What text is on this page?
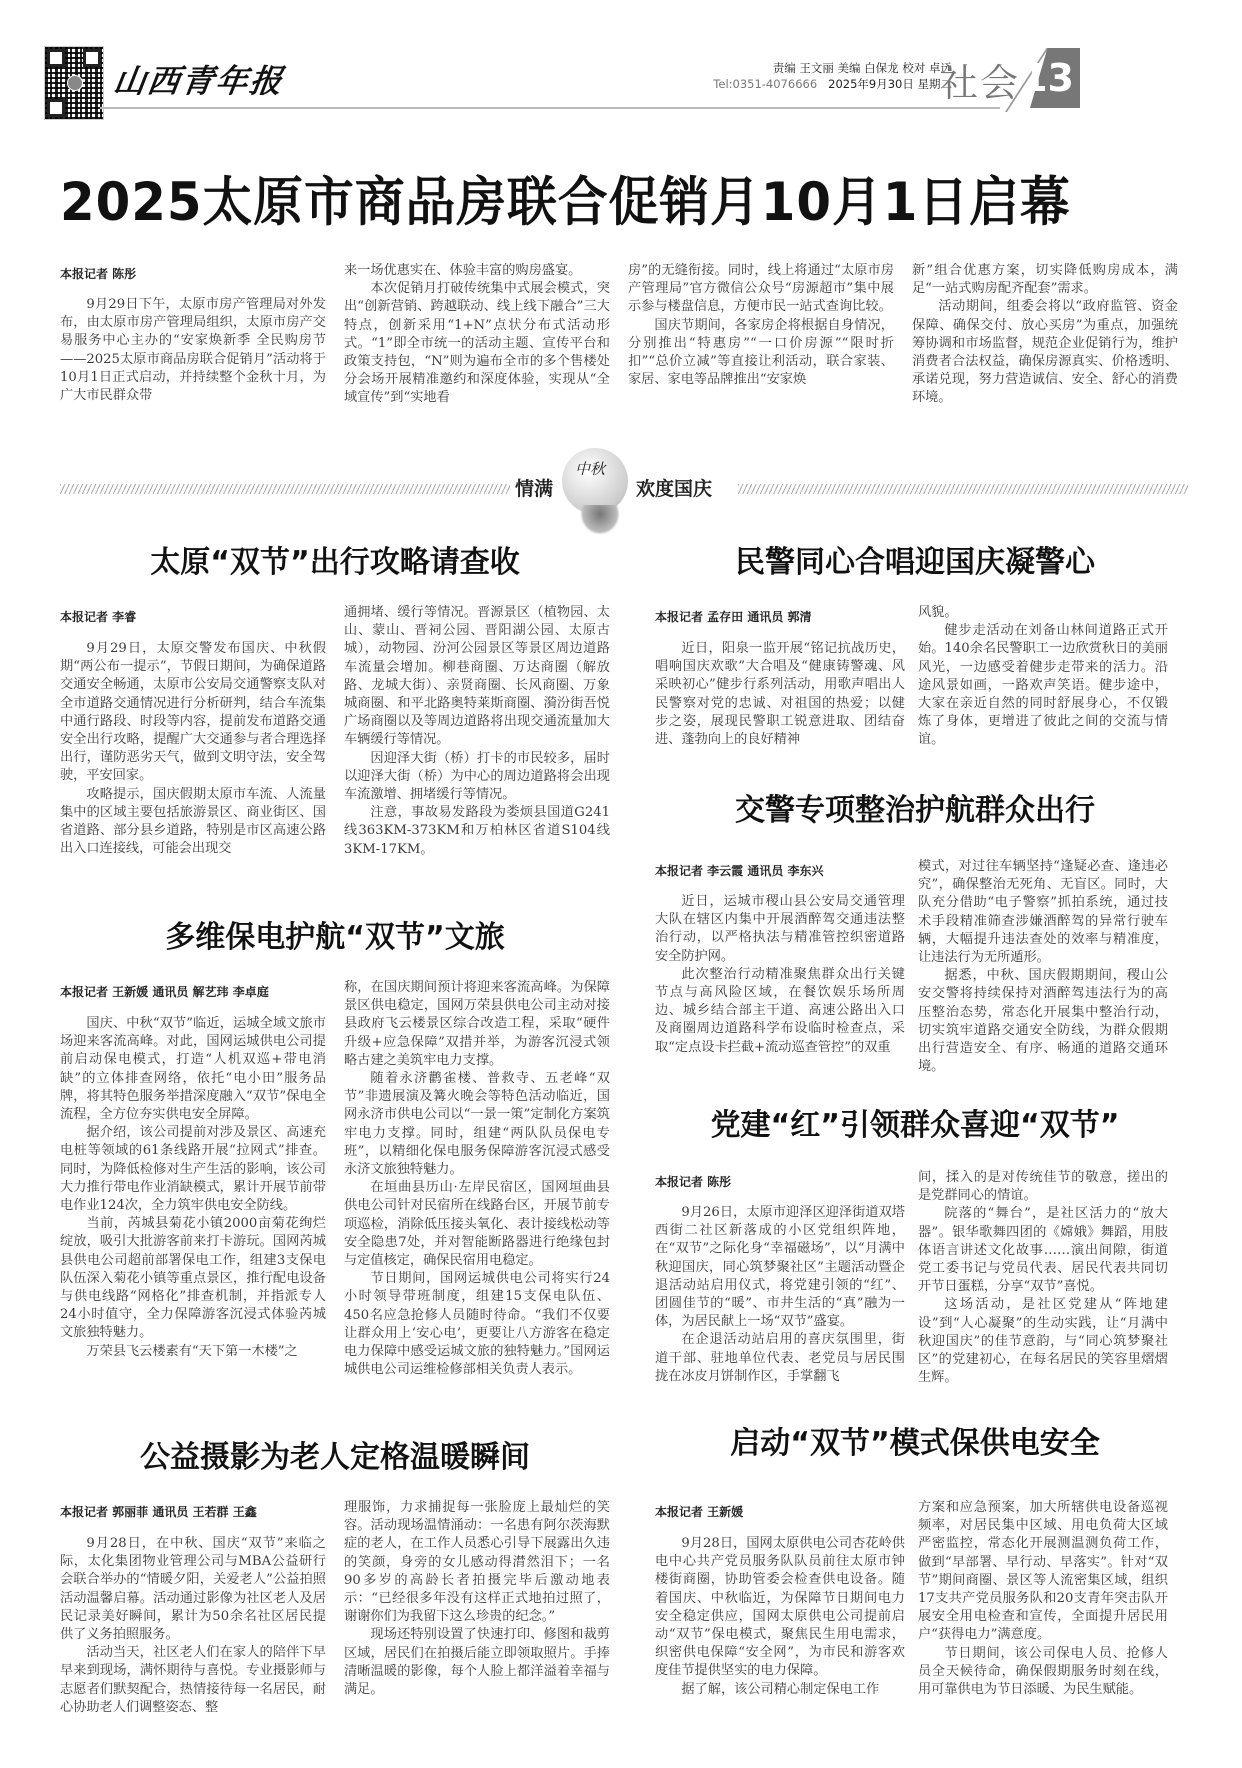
山西青年报	责编 王文丽 美编 白保龙 校对 卓远
Tel:0351-4076666 2025年9月30日 星期二
社会 13
2025太原市商品房联合促销月10月1日启幕
本报记者 陈彤

9月29日下午，太原市房产管理局对外发布，由太原市房产管理局组织，太原市房产交易服务中心主办的“安家焕新季 全民购房节——2025太原市商品房联合促销月”活动将于10月1日正式启动，并持续整个金秋十月，为广大市民群众带

来一场优惠实在、体验丰富的购房盛宴。

本次促销月打破传统集中式展会模式，突出“创新营销、跨越联动、线上线下融合”三大特点，创新采用“1+N”点状分布式活动形式。“1”即全市统一的活动主题、宣传平台和政策支持包，“N”则为遍布全市的多个售楼处分会场开展精准邀约和深度体验，实现从“全域宣传”到“实地看

房”的无缝衔接。同时，线上将通过“太原市房产管理局”官方微信公众号“房源超市”集中展示参与楼盘信息，方便市民一站式查询比较。

国庆节期间，各家房企将根据自身情况，分别推出“特惠房”“一口价房源”“限时折扣”“总价立减”等直接让利活动，联合家装、家居、家电等品牌推出“安家焕

新”组合优惠方案，切实降低购房成本，满足“一站式购房配齐配套”需求。

活动期间，组委会将以“政府监管、资金保障、确保交付、放心买房”为重点，加强统筹协调和市场监督，规范企业促销行为，维护消费者合法权益，确保房源真实、价格透明、承诺兑现，努力营造诚信、安全、舒心的消费环境。

情满
中秋
欢度国庆
太原“双节”出行攻略请查收
本报记者 李睿

9月29日，太原交警发布国庆、中秋假期“两公布一提示”，节假日期间，为确保道路交通安全畅通，太原市公安局交通警察支队对全市道路交通情况进行分析研判，结合车流集中通行路段、时段等内容，提前发布道路交通安全出行攻略，提醒广大交通参与者合理选择出行，谨防恶劣天气，做到文明守法，安全驾驶，平安回家。

攻略提示，国庆假期太原市车流、人流量集中的区域主要包括旅游景区、商业街区、国省道路、部分县乡道路，特别是市区高速公路出入口连接线，可能会出现交

通拥堵、缓行等情况。晋源景区（植物园、太山、蒙山、晋祠公园、晋阳湖公园、太原古城），动物园、汾河公园景区等景区周边道路车流量会增加。柳巷商圈、万达商圈（解放路、龙城大街）、亲贤商圈、长风商圈、万象城商圈、和平北路奥特莱斯商圈、漪汾街吾悦广场商圈以及等周边道路将出现交通流量加大车辆缓行等情况。

因迎泽大街（桥）打卡的市民较多，届时以迎泽大街（桥）为中心的周边道路将会出现车流激增、拥堵缓行等情况。

注意，事故易发路段为娄烦县国道G241线363KM-373KM和万柏林区省道S104线3KM-17KM。

民警同心合唱迎国庆凝警心
本报记者 孟存田 通讯员 郭清

近日，阳泉一监开展“铭记抗战历史，唱响国庆欢歌”大合唱及“健康铸警魂、风采映初心”健步行系列活动，用歌声唱出人民警察对党的忠诚、对祖国的热爱；以健步之姿，展现民警职工锐意进取、团结奋进、蓬勃向上的良好精神

风貌。

健步走活动在刘备山林间道路正式开始。140余名民警职工一边欣赏秋日的美丽风光，一边感受着健步走带来的活力。沿途风景如画，一路欢声笑语。健步途中，大家在亲近自然的同时舒展身心，不仅锻炼了身体，更增进了彼此之间的交流与情谊。

交警专项整治护航群众出行
本报记者 李云霞 通讯员 李东兴

近日，运城市稷山县公安局交通管理大队在辖区内集中开展酒醉驾交通违法整治行动，以严格执法与精准管控织密道路安全防护网。

此次整治行动精准聚焦群众出行关键节点与高风险区域，在餐饮娱乐场所周边、城乡结合部主干道、高速公路出入口及商圈周边道路科学布设临时检查点，采取“定点设卡拦截+流动巡查管控”的双重

模式，对过往车辆坚持“逢疑必查、逢违必究”，确保整治无死角、无盲区。同时，大队充分借助“电子警察”抓拍系统，通过技术手段精准筛查涉嫌酒醉驾的异常行驶车辆，大幅提升违法查处的效率与精准度，让违法行为无所遁形。

据悉，中秋、国庆假期期间，稷山公安交警将持续保持对酒醉驾违法行为的高压整治态势，常态化开展集中整治行动，切实筑牢道路交通安全防线，为群众假期出行营造安全、有序、畅通的道路交通环境。

多维保电护航“双节”文旅
本报记者 王新媛 通讯员 解艺玮 李卓庭

国庆、中秋“双节”临近，运城全域文旅市场迎来客流高峰。对此，国网运城供电公司提前启动保电模式，打造“人机双巡+带电消缺”的立体排查网络，依托“电小田”服务品牌，将其特色服务举措深度融入“双节”保电全流程，全方位夯实供电安全屏障。

据介绍，该公司提前对涉及景区、高速充电桩等领域的61条线路开展“拉网式”排查。同时，为降低检修对生产生活的影响，该公司大力推行带电作业消缺模式，累计开展节前带电作业124次，全力筑牢供电安全防线。

当前，芮城县菊花小镇2000亩菊花绚烂绽放，吸引大批游客前来打卡游玩。国网芮城县供电公司超前部署保电工作，组建3支保电队伍深入菊花小镇等重点景区，推行配电设备与供电线路“网格化”排查机制，并指派专人24小时值守，全力保障游客沉浸式体验芮城文旅独特魅力。

万荣县飞云楼素有“天下第一木楼”之

称，在国庆期间预计将迎来客流高峰。为保障景区供电稳定，国网万荣县供电公司主动对接县政府飞云楼景区综合改造工程，采取“硬件升级+应急保障”双措并举，为游客沉浸式领略古建之美筑牢电力支撑。

随着永济鹳雀楼、普救寺、五老峰“双节”非遗展演及篝火晚会等特色活动临近，国网永济市供电公司以“一景一策”定制化方案筑牢电力支撑。同时，组建“两队队员保电专班”，以精细化保电服务保障游客沉浸式感受永济文旅独特魅力。

在垣曲县历山·左岸民宿区，国网垣曲县供电公司针对民宿所在线路台区，开展节前专项巡检，消除低压接头氧化、表计接线松动等安全隐患7处，并对智能断路器进行绝缘包封与定值核定，确保民宿用电稳定。

节日期间，国网运城供电公司将实行24小时领导带班制度，组建15支保电队伍、450名应急抢修人员随时待命。“我们不仅要让群众用上‘安心电’，更要让八方游客在稳定电力保障中感受运城文旅的独特魅力。”国网运城供电公司运维检修部相关负责人表示。

党建“红”引领群众喜迎“双节”
本报记者 陈彤

9月26日，太原市迎泽区迎泽街道双塔西街二社区新落成的小区党组织阵地，在“双节”之际化身“幸福磁场”，以“月满中秋迎国庆，同心筑梦聚社区”主题活动暨企退活动站启用仪式，将党建引领的“红”、团圆佳节的“暖”、市井生活的“真”融为一体，为居民献上一场“双节”盛宴。

在企退活动站启用的喜庆氛围里，街道干部、驻地单位代表、老党员与居民围拢在冰皮月饼制作区，手掌翻飞

间，揉入的是对传统佳节的敬意，搓出的是党群同心的情谊。

院落的“舞台”，是社区活力的“放大器”。银华歌舞四团的《嫦娥》舞蹈，用肢体语言讲述文化故事……演出间隙，街道党工委书记与党员代表、居民代表共同切开节日蛋糕，分享“双节”喜悦。

这场活动，是社区党建从“阵地建设”到“人心凝聚”的生动实践，让“月满中秋迎国庆”的佳节意韵，与“同心筑梦聚社区”的党建初心，在每名居民的笑容里熠熠生辉。

公益摄影为老人定格温暖瞬间
本报记者 郭丽菲 通讯员 王若群 王鑫

9月28日，在中秋、国庆“双节”来临之际，太化集团物业管理公司与MBA公益研行会联合举办的“情暖夕阳，关爱老人”公益拍照活动温馨启幕。活动通过影像为社区老人及居民记录美好瞬间，累计为50余名社区居民提供了义务拍照服务。

活动当天，社区老人们在家人的陪伴下早早来到现场，满怀期待与喜悦。专业摄影师与志愿者们默契配合，热情接待每一名居民，耐心协助老人们调整姿态、整

理服饰，力求捕捉每一张脸庞上最灿烂的笑容。活动现场温情涌动：一名患有阿尔茨海默症的老人，在工作人员悉心引导下展露出久违的笑颜，身旁的女儿感动得潸然泪下；一名90多岁的高龄长者拍摄完毕后激动地表示：“已经很多年没有这样正式地拍过照了，谢谢你们为我留下这么珍贵的纪念。”

现场还特别设置了快速打印、修图和裁剪区域，居民们在拍摄后能立即领取照片。手捧清晰温暖的影像，每个人脸上都洋溢着幸福与满足。

启动“双节”模式保供电安全
本报记者 王新媛

9月28日，国网太原供电公司杏花岭供电中心共产党员服务队队员前往太原市钟楼街商圈，协助管委会检查供电设备。随着国庆、中秋临近，为保障节日期间电力安全稳定供应，国网太原供电公司提前启动“双节”保电模式，聚焦民生用电需求，织密供电保障“安全网”，为市民和游客欢度佳节提供坚实的电力保障。

据了解，该公司精心制定保电工作

方案和应急预案，加大所辖供电设备巡视频率，对居民集中区域、用电负荷大区域严密监控，常态化开展测温测负荷工作，做到“早部署、早行动、早落实”。针对“双节”期间商圈、景区等人流密集区域，组织17支共产党员服务队和20支青年突击队开展安全用电检查和宣传，全面提升居民用户“获得电力”满意度。

节日期间，该公司保电人员、抢修人员全天候待命，确保假期服务时刻在线，用可靠供电为节日添暖、为民生赋能。
